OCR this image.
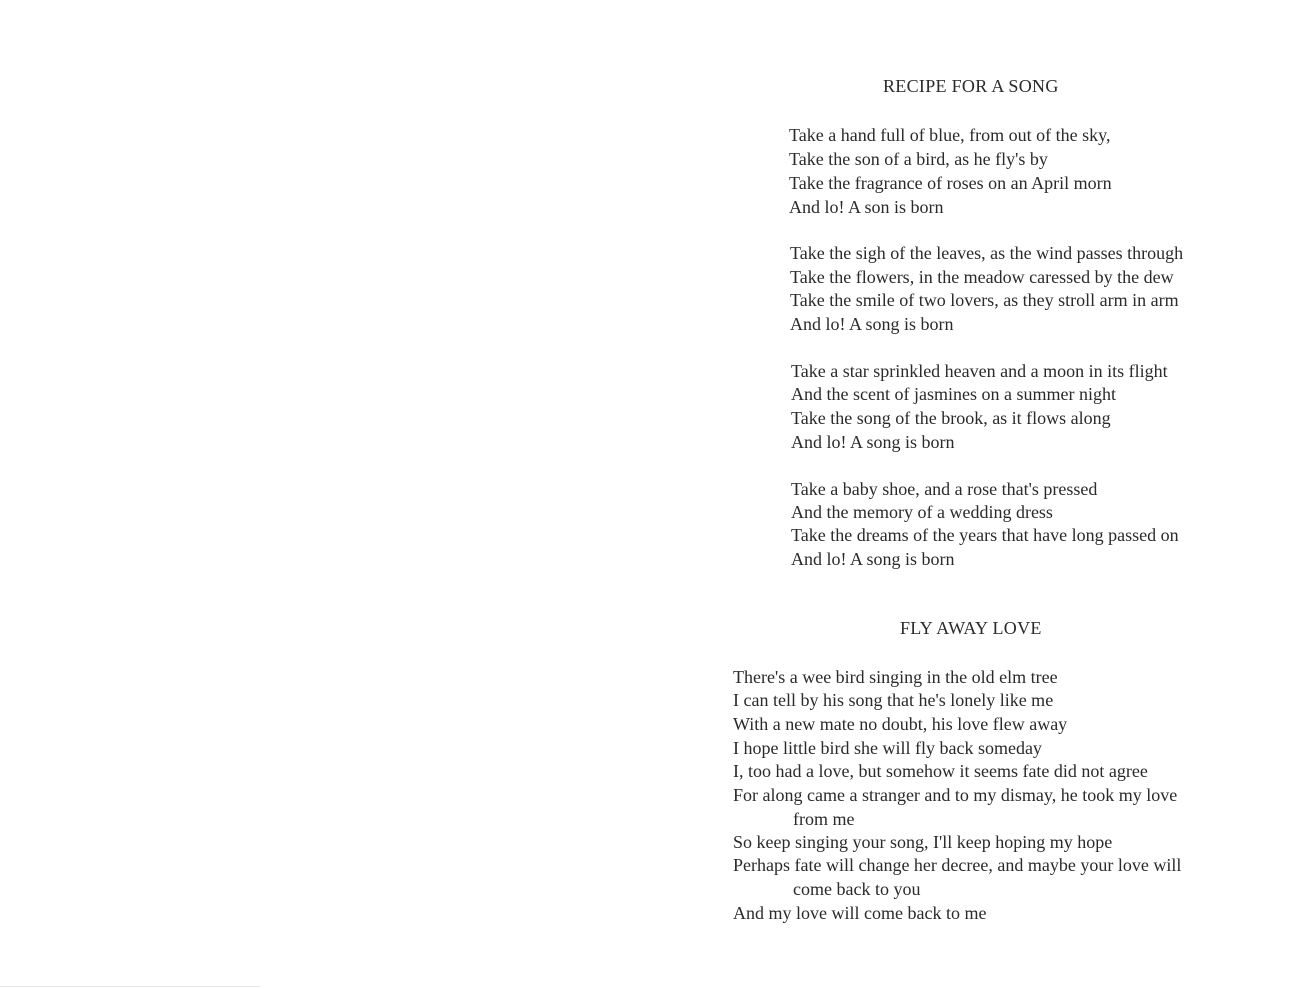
RECIPE FOR A SONG
Take a hand full of blue, from out of the sky,
Take the son of a bird, as he fly's by
Take the fragrance of roses on an April morn
And lo! A son is born
Take the sigh of the leaves, as the wind passes through
Take the flowers, in the meadow caressed by the dew
Take the smile of two lovers, as they stroll arm in arm
And lo! A song is born
Take a star sprinkled heaven and a moon in its flight
And the scent of jasmines on a summer night
Take the song of the brook, as it flows along
And lo! A song is born
Take a baby shoe, and a rose that's pressed
And the memory of a wedding dress
Take the dreams of the years that have long passed on
And lo! A song is born
FLY AWAY LOVE
There's a wee bird singing in the old elm tree
I can tell by his song that he's lonely like me
With a new mate no doubt, his love flew away
I hope little bird she will fly back someday
I, too had a love, but somehow it seems fate did not agree
For along came a stranger and to my dismay, he took my love
from me
So keep singing your song, I'll keep hoping my hope
Perhaps fate will change her decree, and maybe your love will
come back to you
And my love will come back to me
